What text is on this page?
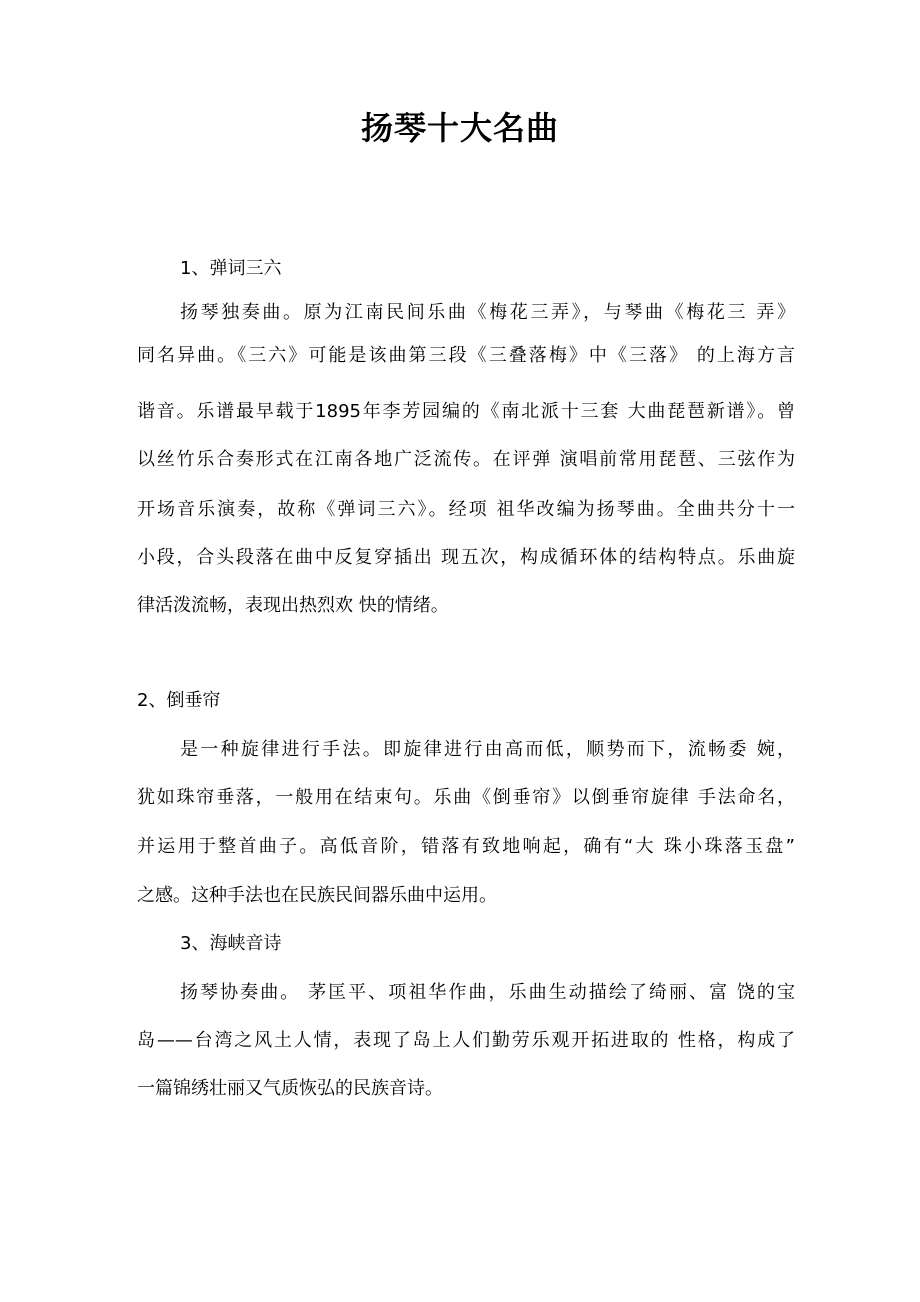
扬琴十大名曲
1、弹词三六
扬琴独奏曲。原为江南民间乐曲《梅花三弄》，与琴曲《梅花三 弄》
同名异曲。《三六》可能是该曲第三段《三叠落梅》中《三落》 的上海方言
谐音。乐谱最早载于1895年李芳园编的《南北派十三套 大曲琵琶新谱》。曾
以丝竹乐合奏形式在江南各地广泛流传。在评弹 演唱前常用琵琶、三弦作为
开场音乐演奏，故称《弹词三六》。经项 祖华改编为扬琴曲。全曲共分十一
小段，合头段落在曲中反复穿插出 现五次，构成循环体的结构特点。乐曲旋
律活泼流畅，表现出热烈欢 快的情绪。
2、倒垂帘
是一种旋律进行手法。即旋律进行由高而低，顺势而下，流畅委 婉，
犹如珠帘垂落，一般用在结束句。乐曲《倒垂帘》以倒垂帘旋律 手法命名，
并运用于整首曲子。高低音阶，错落有致地响起，确有“大 珠小珠落玉盘”
之感。这种手法也在民族民间器乐曲中运用。
3、海峡音诗
扬琴协奏曲。 茅匡平、项祖华作曲，乐曲生动描绘了绮丽、富 饶的宝
岛——台湾之风土人情，表现了岛上人们勤劳乐观开拓进取的 性格，构成了
一篇锦绣壮丽又气质恢弘的民族音诗。
